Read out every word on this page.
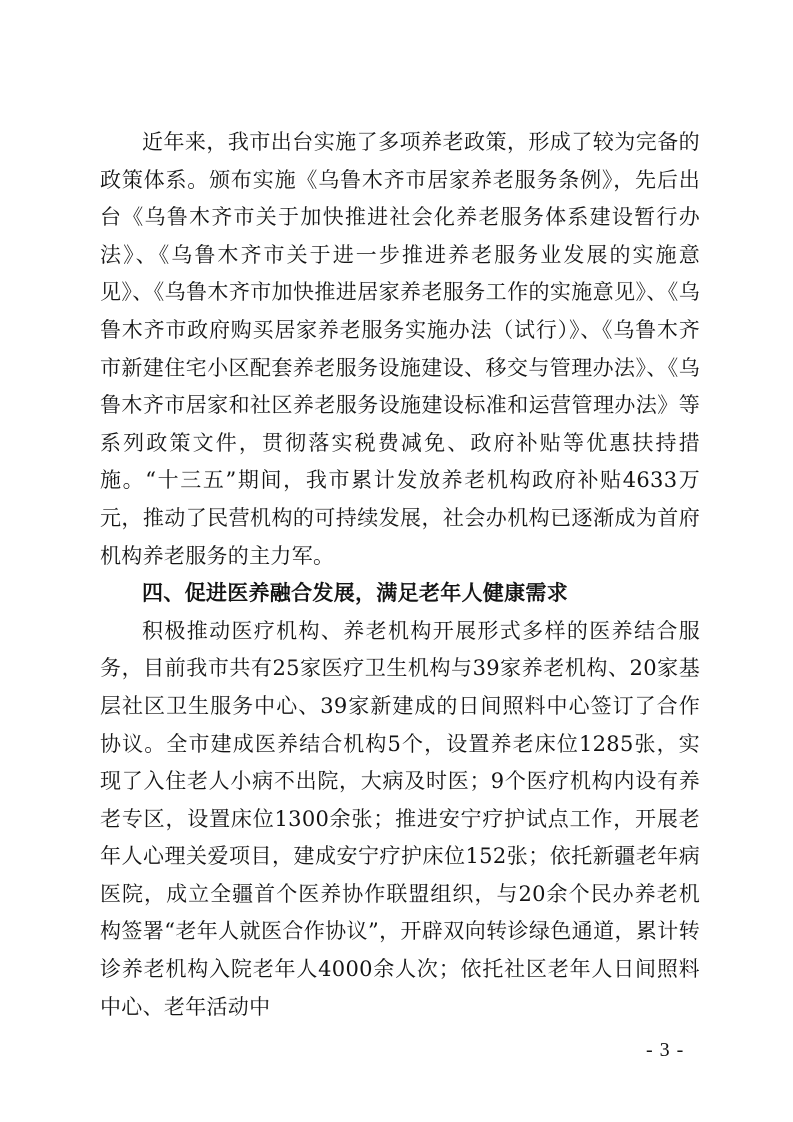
近年来，我市出台实施了多项养老政策，形成了较为完备的政策体系。颁布实施《乌鲁木齐市居家养老服务条例》，先后出台《乌鲁木齐市关于加快推进社会化养老服务体系建设暂行办法》、《乌鲁木齐市关于进一步推进养老服务业发展的实施意见》、《乌鲁木齐市加快推进居家养老服务工作的实施意见》、《乌鲁木齐市政府购买居家养老服务实施办法（试行）》、《乌鲁木齐市新建住宅小区配套养老服务设施建设、移交与管理办法》、《乌鲁木齐市居家和社区养老服务设施建设标准和运营管理办法》等系列政策文件，贯彻落实税费减免、政府补贴等优惠扶持措施。“十三五”期间，我市累计发放养老机构政府补贴4633万元，推动了民营机构的可持续发展，社会办机构已逐渐成为首府机构养老服务的主力军。

四、促进医养融合发展，满足老年人健康需求

积极推动医疗机构、养老机构开展形式多样的医养结合服务，目前我市共有25家医疗卫生机构与39家养老机构、20家基层社区卫生服务中心、39家新建成的日间照料中心签订了合作协议。全市建成医养结合机构5个，设置养老床位1285张，实现了入住老人小病不出院，大病及时医；9个医疗机构内设有养老专区，设置床位1300余张；推进安宁疗护试点工作，开展老年人心理关爱项目，建成安宁疗护床位152张；依托新疆老年病医院，成立全疆首个医养协作联盟组织，与20余个民办养老机构签署“老年人就医合作协议”，开辟双向转诊绿色通道，累计转诊养老机构入院老年人4000余人次；依托社区老年人日间照料中心、老年活动中

- 3 -
